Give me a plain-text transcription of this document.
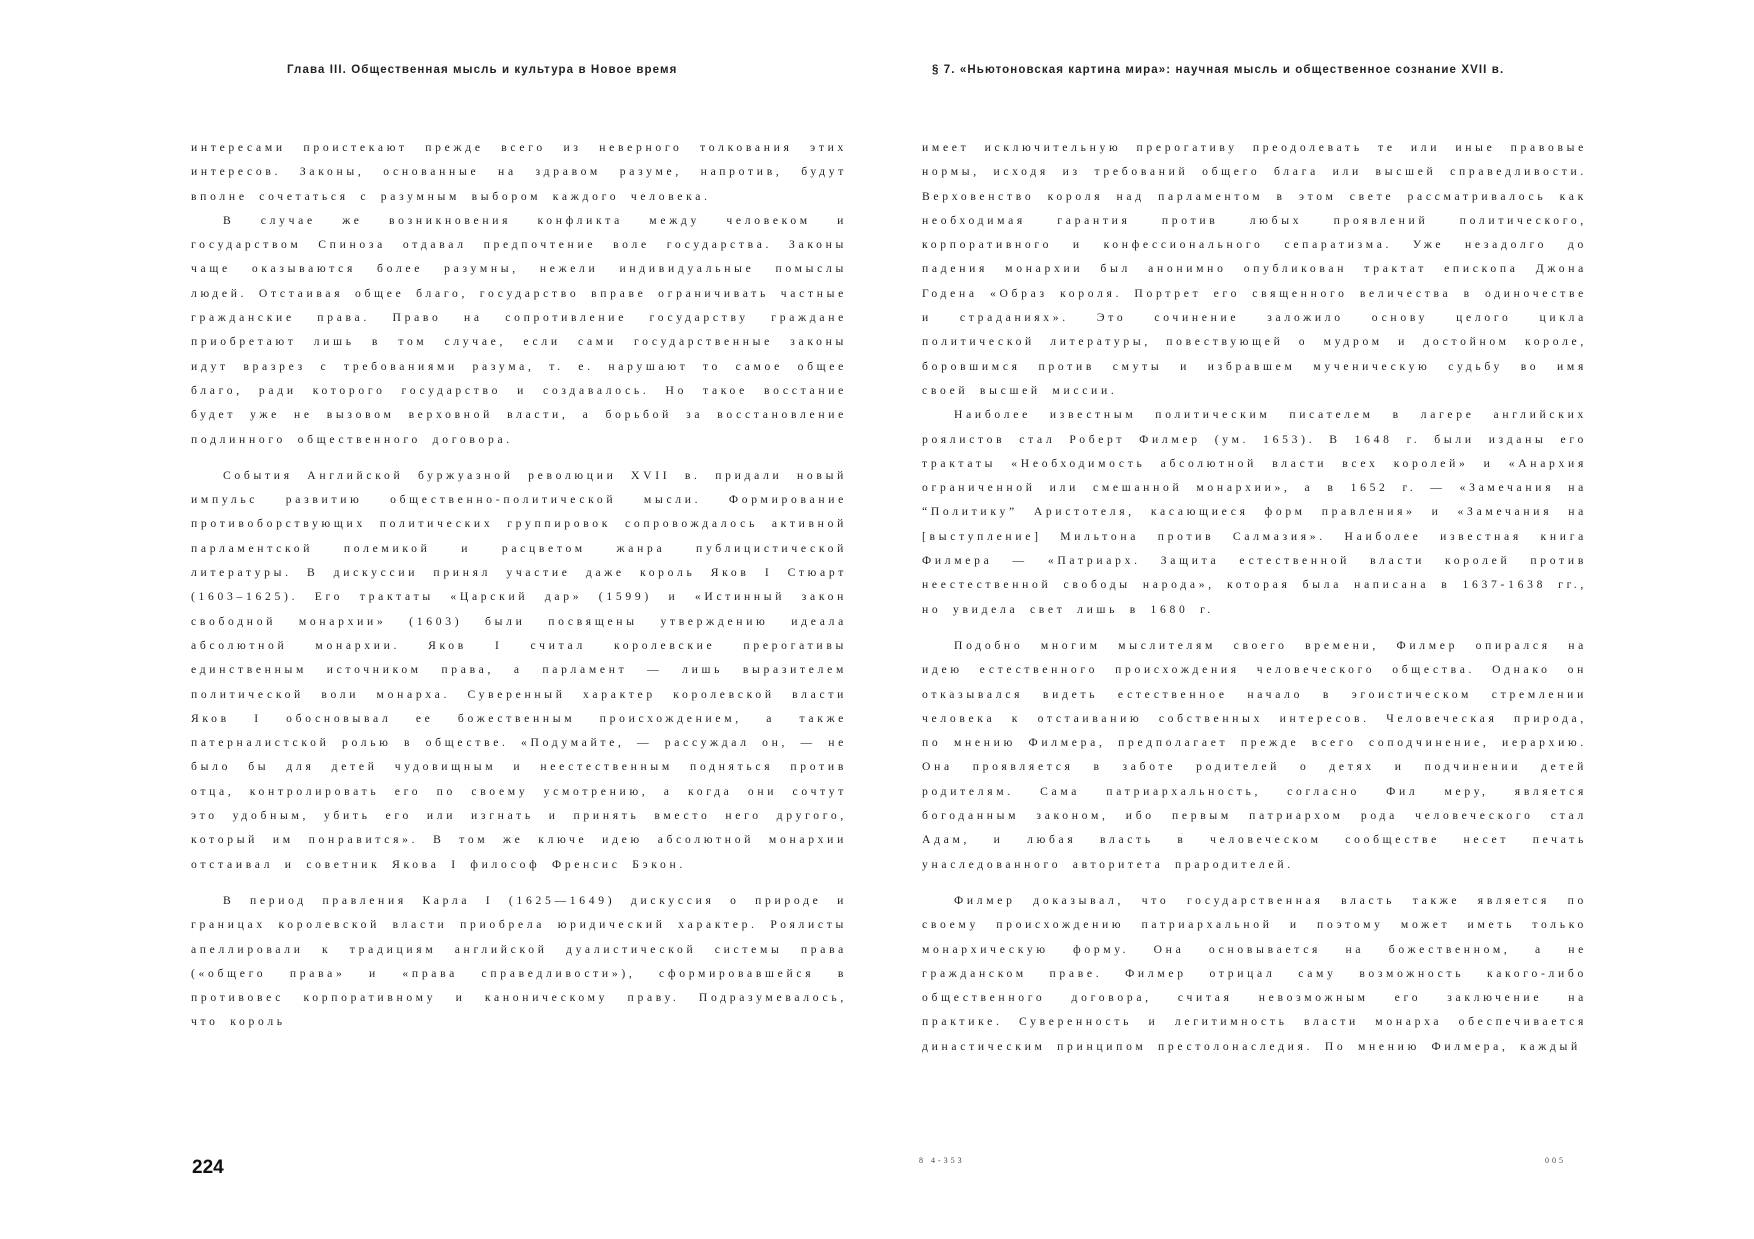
Глава III. Общественная мысль и культура в Новое время

интересами проистекают прежде всего из неверного толкования этих интересов. Законы, основанные на здравом разуме, напротив, будут вполне сочетаться с разумным выбором каждого человека.

В случае же возникновения конфликта между человеком и государством Спиноза отдавал предпочтение воле государства. Законы чаще оказываются более разумны, нежели индивидуальные помыслы людей. Отстаивая общее благо, государство вправе ограничивать частные гражданские права. Право на сопротивление государству граждане приобретают лишь в том случае, если сами государственные законы идут вразрез с требованиями разума, т. е. нарушают то самое общее благо, ради которого государство и создавалось. Но такое восстание будет уже не вызовом верховной власти, а борьбой за восстановление подлинного общественного договора.

События Английской буржуазной революции XVII в. придали новый импульс развитию общественно-политической мысли. Формирование противоборствующих политических группировок сопровождалось активной парламентской полемикой и расцветом жанра публицистической литературы. В дискуссии принял участие даже король Яков I Стюарт (1603–1625). Его трактаты «Царский дар» (1599) и «Истинный закон свободной монархии» (1603) были посвящены утверждению идеала абсолютной монархии. Яков I считал королевские прерогативы единственным источником права, а парламент — лишь выразителем политической воли монарха. Суверенный характер королевской власти Яков I обосновывал ее божественным происхождением, а также патерналистской ролью в обществе. «Подумайте, — рассуждал он, — не было бы для детей чудовищным и неестественным подняться против отца, контролировать его по своему усмотрению, а когда они сочтут это удобным, убить его или изгнать и принять вместо него другого, который им понравится». В том же ключе идею абсолютной монархии отстаивал и советник Якова I философ Френсис Бэкон.

В период правления Карла I (1625—1649) дискуссия о природе и границах королевской власти приобрела юридический характер. Роялисты апеллировали к традициям английской дуалистической системы права («общего права» и «права справедливости»), сформировавшейся в противовес корпоративному и каноническому праву. Подразумевалось, что король

224
§ 7. «Ньютоновская картина мира»: научная мысль и общественное сознание XVII в.

имеет исключительную прерогативу преодолевать те или иные правовые нормы, исходя из требований общего блага или высшей справедливости. Верховенство короля над парламентом в этом свете рассматривалось как необходимая гарантия против любых проявлений политического, корпоративного и конфессионального сепаратизма. Уже незадолго до падения монархии был анонимно опубликован трактат епископа Джона Годена «Образ короля. Портрет его священного величества в одиночестве и страданиях». Это сочинение заложило основу целого цикла политической литературы, повествующей о мудром и достойном короле, боровшимся против смуты и избравшем мученическую судьбу во имя своей высшей миссии.

Наиболее известным политическим писателем в лагере английских роялистов стал Роберт Филмер (ум. 1653). В 1648 г. были изданы его трактаты «Необходимость абсолютной власти всех королей» и «Анархия ограниченной или смешанной монархии», а в 1652 г. — «Замечания на “Политику” Аристотеля, касающиеся форм правления» и «Замечания на [выступление] Мильтона против Салмазия». Наиболее известная книга Филмера — «Патриарх. Защита естественной власти королей против неестественной свободы народа», которая была написана в 1637-1638 гг., но увидела свет лишь в 1680 г.

Подобно многим мыслителям своего времени, Филмер опирался на идею естественного происхождения человеческого общества. Однако он отказывался видеть естественное начало в эгоистическом стремлении человека к отстаиванию собственных интересов. Человеческая природа, по мнению Филмера, предполагает прежде всего соподчинение, иерархию. Она проявляется в заботе родителей о детях и подчинении детей родителям. Сама патриархальность, согласно Фил меру, является богоданным законом, ибо первым патриархом рода человеческого стал Адам, и любая власть в человеческом сообществе несет печать унаследованного авторитета прародителей.

Филмер доказывал, что государственная власть также является по своему происхождению патриархальной и поэтому может иметь только монархическую форму. Она основывается на божественном, а не гражданском праве. Филмер отрицал саму возможность какого-либо общественного договора, считая невозможным его заключение на практике. Суверенность и легитимность власти монарха обеспечивается династическим принципом престолонаследия. По мнению Филмера, каждый

8 4-353	005
